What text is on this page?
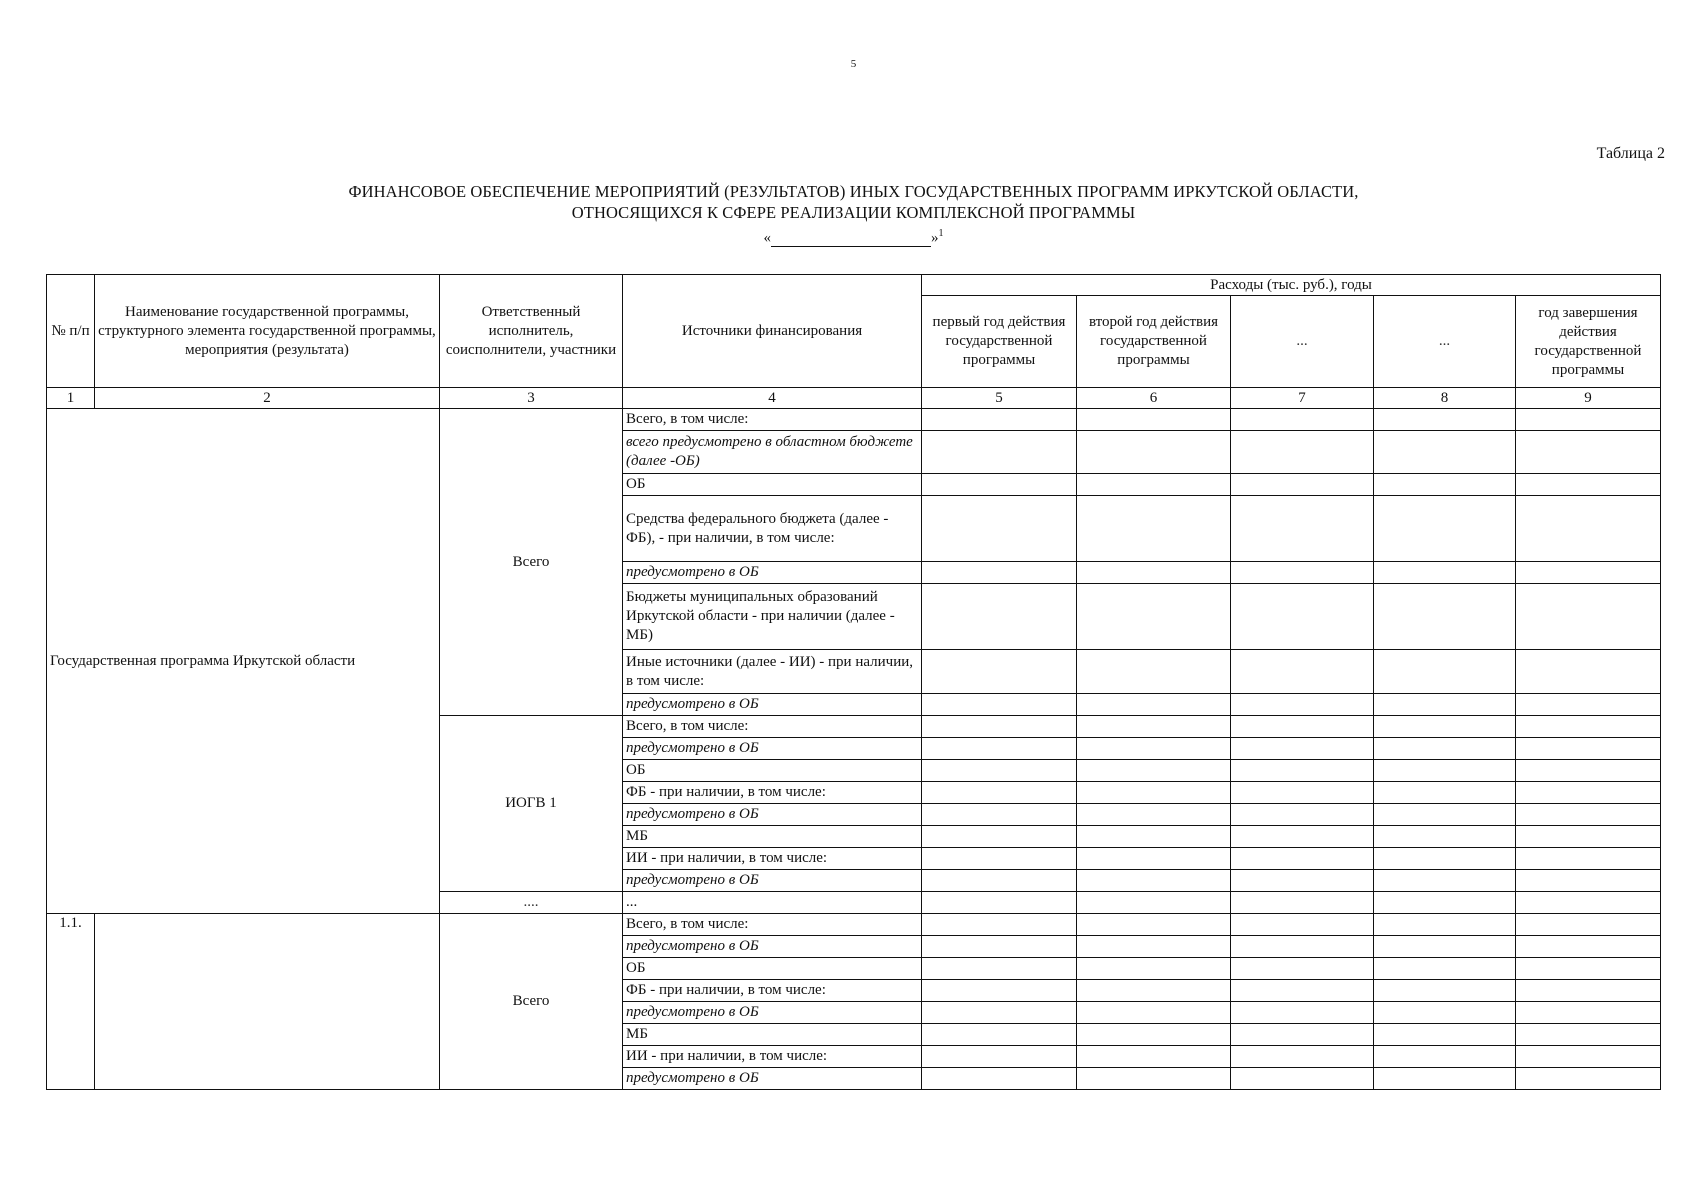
5
Таблица 2
ФИНАНСОВОЕ ОБЕСПЕЧЕНИЕ МЕРОПРИЯТИЙ (РЕЗУЛЬТАТОВ) ИНЫХ ГОСУДАРСТВЕННЫХ ПРОГРАММ ИРКУТСКОЙ ОБЛАСТИ,
ОТНОСЯЩИХСЯ К СФЕРЕ РЕАЛИЗАЦИИ КОМПЛЕКСНОЙ ПРОГРАММЫ
«	»$^1$
№ п/п	Наименование государственной программы, структурного элемента государственной программы, мероприятия (результата)	Ответственный исполнитель, соисполнители, участники	Источники финансирования	Расходы (тыс. руб.), годы				
				первый год действия государственной программы	второй год действия государственной программы	...	...	год завершения действия государственной программы
1	2	3	4	5	6	7	8	9
Государственная программа Иркутской области		Всего	Всего, в том числе:					
			всего предусмотрено в областном бюджете (далее -ОБ)					
			ОБ					
			Средства федерального бюджета (далее - ФБ), - при наличии, в том числе:					
			предусмотрено в ОБ					
			Бюджеты муниципальных образований Иркутской области - при наличии (далее - МБ)					
			Иные источники (далее - ИИ) - при наличии, в том числе:					
			предусмотрено в ОБ					
		ИОГВ 1	Всего, в том числе:					
			предусмотрено в ОБ					
			ОБ					
			ФБ - при наличии, в том числе:					
			предусмотрено в ОБ					
			МБ					
			ИИ - при наличии, в том числе:					
			предусмотрено в ОБ					
		....	...					
1.1.		Всего	Всего, в том числе:					
			предусмотрено в ОБ					
			ОБ					
			ФБ - при наличии, в том числе:					
			предусмотрено в ОБ					
			МБ					
			ИИ - при наличии, в том числе:					
			предусмотрено в ОБ					
